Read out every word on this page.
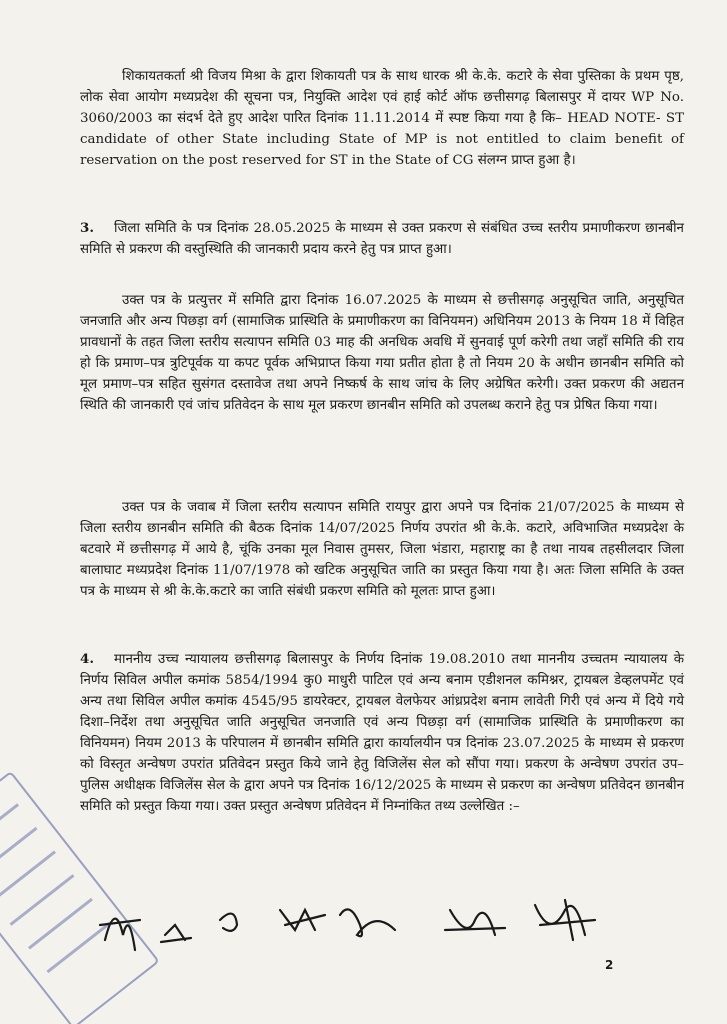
शिकायतकर्ता श्री विजय मिश्रा के द्वारा शिकायती पत्र के साथ धारक श्री के.के. कटारे के सेवा पुस्तिका के प्रथम पृष्ठ, लोक सेवा आयोग मध्यप्रदेश की सूचना पत्र, नियुक्ति आदेश एवं हाई कोर्ट ऑफ छत्तीसगढ़ बिलासपुर में दायर WP No. 3060/2003 का संदर्भ देते हुए आदेश पारित दिनांक 11.11.2014 में स्पष्ट किया गया है कि– HEAD NOTE- ST candidate of other State including State of MP is not entitled to claim benefit of reservation on the post reserved for ST in the State of CG संलग्न प्राप्त हुआ है।
3. जिला समिति के पत्र दिनांक 28.05.2025 के माध्यम से उक्त प्रकरण से संबंधित उच्च स्तरीय प्रमाणीकरण छानबीन समिति से प्रकरण की वस्तुस्थिति की जानकारी प्रदाय करने हेतु पत्र प्राप्त हुआ।
उक्त पत्र के प्रत्युत्तर में समिति द्वारा दिनांक 16.07.2025 के माध्यम से छत्तीसगढ़ अनुसूचित जाति, अनुसूचित जनजाति और अन्य पिछड़ा वर्ग (सामाजिक प्रास्थिति के प्रमाणीकरण का विनियमन) अधिनियम 2013 के नियम 18 में विहित प्रावधानों के तहत जिला स्तरीय सत्यापन समिति 03 माह की अनधिक अवधि में सुनवाई पूर्ण करेगी तथा जहाँ समिति की राय हो कि प्रमाण–पत्र त्रुटिपूर्वक या कपट पूर्वक अभिप्राप्त किया गया प्रतीत होता है तो नियम 20 के अधीन छानबीन समिति को मूल प्रमाण–पत्र सहित सुसंगत दस्तावेज तथा अपने निष्कर्ष के साथ जांच के लिए अग्रेषित करेगी। उक्त प्रकरण की अद्यतन स्थिति की जानकारी एवं जांच प्रतिवेदन के साथ मूल प्रकरण छानबीन समिति को उपलब्ध कराने हेतु पत्र प्रेषित किया गया।
उक्त पत्र के जवाब में जिला स्तरीय सत्यापन समिति रायपुर द्वारा अपने पत्र दिनांक 21/07/2025 के माध्यम से जिला स्तरीय छानबीन समिति की बैठक दिनांक 14/07/2025 निर्णय उपरांत श्री के.के. कटारे, अविभाजित मध्यप्रदेश के बटवारे में छत्तीसगढ़ में आये है, चूंकि उनका मूल निवास तुमसर, जिला भंडारा, महाराष्ट्र का है तथा नायब तहसीलदार जिला बालाघाट मध्यप्रदेश दिनांक 11/07/1978 को खटिक अनुसूचित जाति का प्रस्तुत किया गया है। अतः जिला समिति के उक्त पत्र के माध्यम से श्री के.के.कटारे का जाति संबंधी प्रकरण समिति को मूलतः प्राप्त हुआ।
4. माननीय उच्च न्यायालय छत्तीसगढ़ बिलासपुर के निर्णय दिनांक 19.08.2010 तथा माननीय उच्चतम न्यायालय के निर्णय सिविल अपील कमांक 5854/1994 कु0 माधुरी पाटिल एवं अन्य बनाम एडीशनल कमिश्नर, ट्रायबल डेव्हलपमेंट एवं अन्य तथा सिविल अपील कमांक 4545/95 डायरेक्टर, ट्रायबल वेलफेयर आंध्रप्रदेश बनाम लावेती गिरी एवं अन्य में दिये गये दिशा–निर्देश तथा अनुसूचित जाति अनुसूचित जनजाति एवं अन्य पिछड़ा वर्ग (सामाजिक प्रास्थिति के प्रमाणीकरण का विनियमन) नियम 2013 के परिपालन में छानबीन समिति द्वारा कार्यालयीन पत्र दिनांक 23.07.2025 के माध्यम से प्रकरण को विस्तृत अन्वेषण उपरांत प्रतिवेदन प्रस्तुत किये जाने हेतु विजिलेंस सेल को सौंपा गया। प्रकरण के अन्वेषण उपरांत उप–पुलिस अधीक्षक विजिलेंस सेल के द्वारा अपने पत्र दिनांक 16/12/2025 के माध्यम से प्रकरण का अन्वेषण प्रतिवेदन छानबीन समिति को प्रस्तुत किया गया। उक्त प्रस्तुत अन्वेषण प्रतिवेदन में निम्नांकित तथ्य उल्लेखित :–
2
